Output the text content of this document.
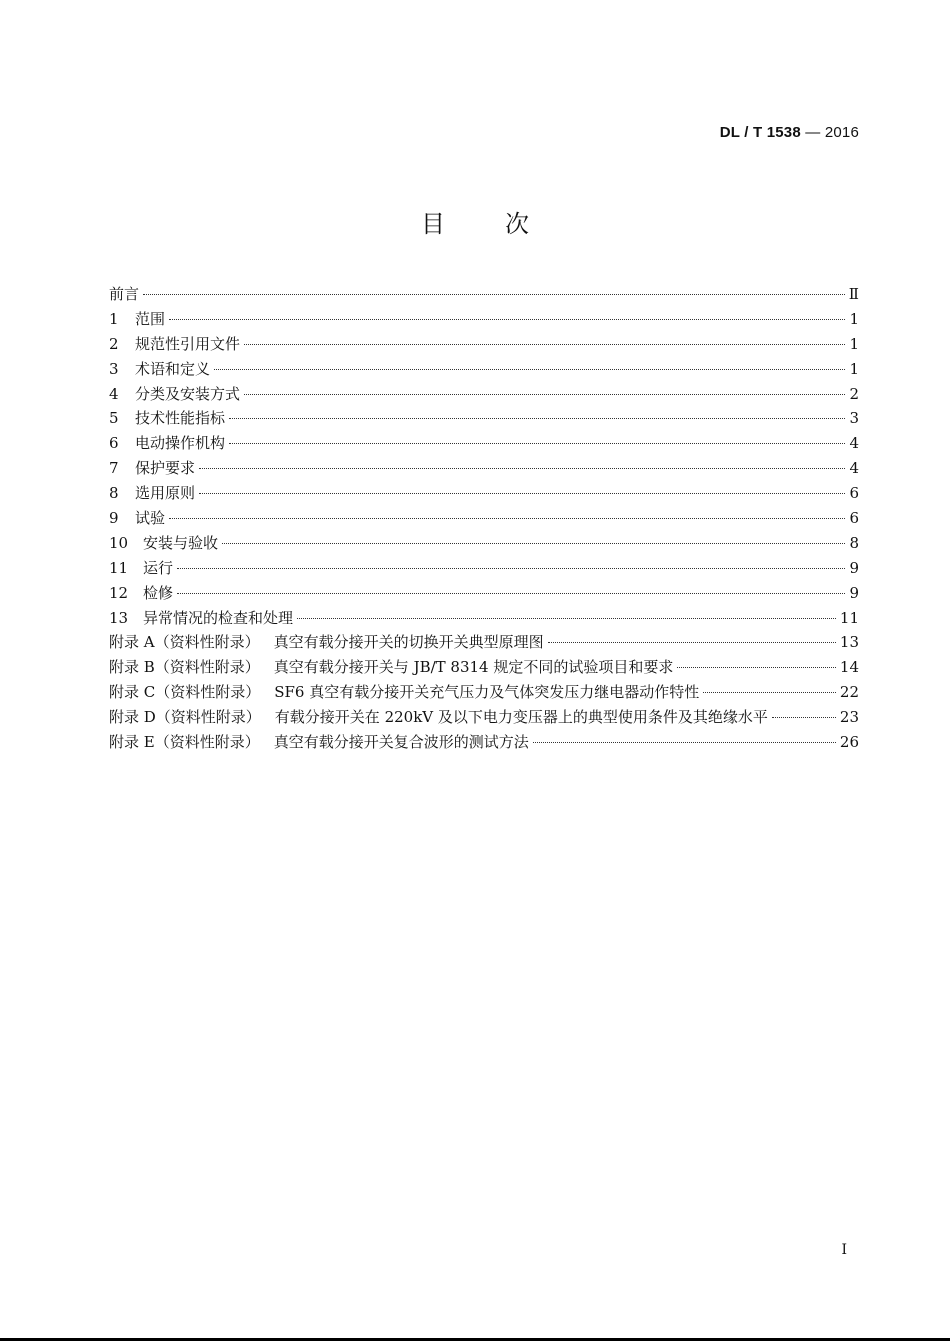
DL / T 1538 — 2016
目次
前言	Ⅱ
1	范围	1
2	规范性引用文件	1
3	术语和定义	1
4	分类及安装方式	2
5	技术性能指标	3
6	电动操作机构	4
7	保护要求	4
8	选用原则	6
9	试验	6
10 安装与验收	8
11 运行	9
12 检修	9
13 异常情况的检查和处理	11
附录 A（资料性附录） 真空有载分接开关的切换开关典型原理图	13
附录 B（资料性附录） 真空有载分接开关与 JB/T 8314 规定不同的试验项目和要求	14
附录 C（资料性附录） SF6 真空有载分接开关充气压力及气体突发压力继电器动作特性	22
附录 D（资料性附录） 有载分接开关在 220kV 及以下电力变压器上的典型使用条件及其绝缘水平	23
附录 E（资料性附录） 真空有载分接开关复合波形的测试方法	26
I
